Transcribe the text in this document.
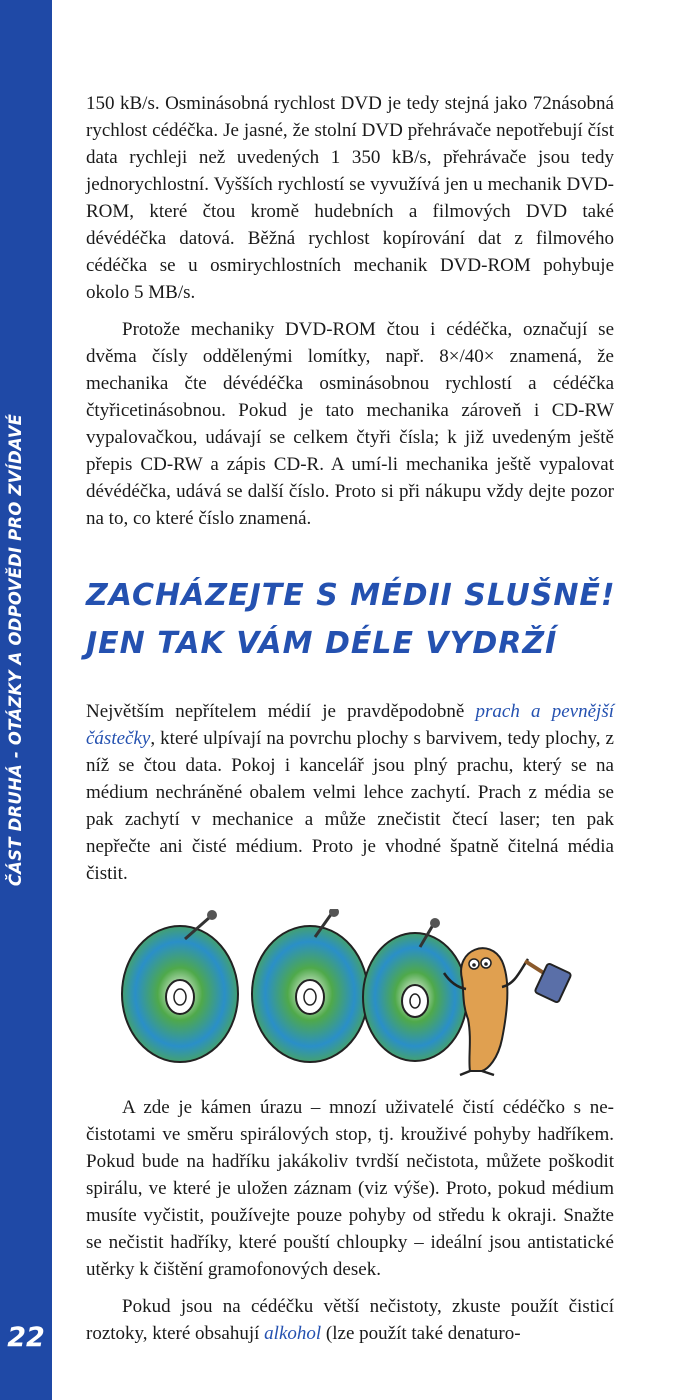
ČÁST DRUHÁ - OTÁZKY A ODPOVĚDI PRO ZVÍDAVÉ
22

150 kB/s. Osminásobná rychlost DVD je tedy stejná jako 72násobná rychlost cédéčka. Je jasné, že stolní DVD přehrávače nepotřebují číst data rychleji než uvedených 1 350 kB/s, přehrávače jsou tedy jednorychlostní. Vyšších rychlostí se vyvužívá jen u mechanik DVD-ROM, které čtou kromě hudebních a filmových DVD také dévédéčka datová. Běžná rychlost kopírování dat z filmového cédéčka se u osmirychlostních mechanik DVD-ROM pohybuje okolo 5 MB/s.

Protože mechaniky DVD-ROM čtou i cédéčka, označují se dvěma čísly oddělenými lomítky, např. 8×/40× znamená, že mechanika čte dévédéčka osminásobnou rychlostí a cédéčka čtyřicetinásobnou. Pokud je tato mechanika zároveň i CD-RW vypalovačkou, udávají se celkem čtyři čísla; k již uvedeným ještě přepis CD-RW a zápis CD-R. A umí-li mechanika ještě vypalovat dévédéčka, udává se další číslo. Proto si při nákupu vždy dejte pozor na to, co které číslo znamená.

ZACHÁZEJTE S MÉDII SLUŠNĚ!
JEN TAK VÁM DÉLE VYDRŽÍ

Největším nepřítelem médií je pravděpodobně prach a pevnější částečky, které ulpívají na povrchu plochy s barvivem, tedy plochy, z níž se čtou data. Pokoj i kancelář jsou plný prachu, který se na médium nechráněné obalem velmi lehce zachytí. Prach z média se pak zachytí v mechanice a může znečistit čtecí laser; ten pak nepřečte ani čisté médium. Proto je vhodné špatně čitelná média čistit.

A zde je kámen úrazu – mnozí uživatelé čistí cédéčko s nečistotami ve směru spirálových stop, tj. krouživé pohyby hadříkem. Pokud bude na hadříku jakákoliv tvrdší nečistota, můžete poškodit spirálu, ve které je uložen záznam (viz výše). Proto, pokud médium musíte vyčistit, používejte pouze pohyby od středu k okraji. Snažte se nečistit hadříky, které pouští chloupky – ideální jsou antistatické utěrky k čištění gramofonových desek.

Pokud jsou na cédéčku větší nečistoty, zkuste použít čisticí roztoky, které obsahují alkohol (lze použít také denaturo-
